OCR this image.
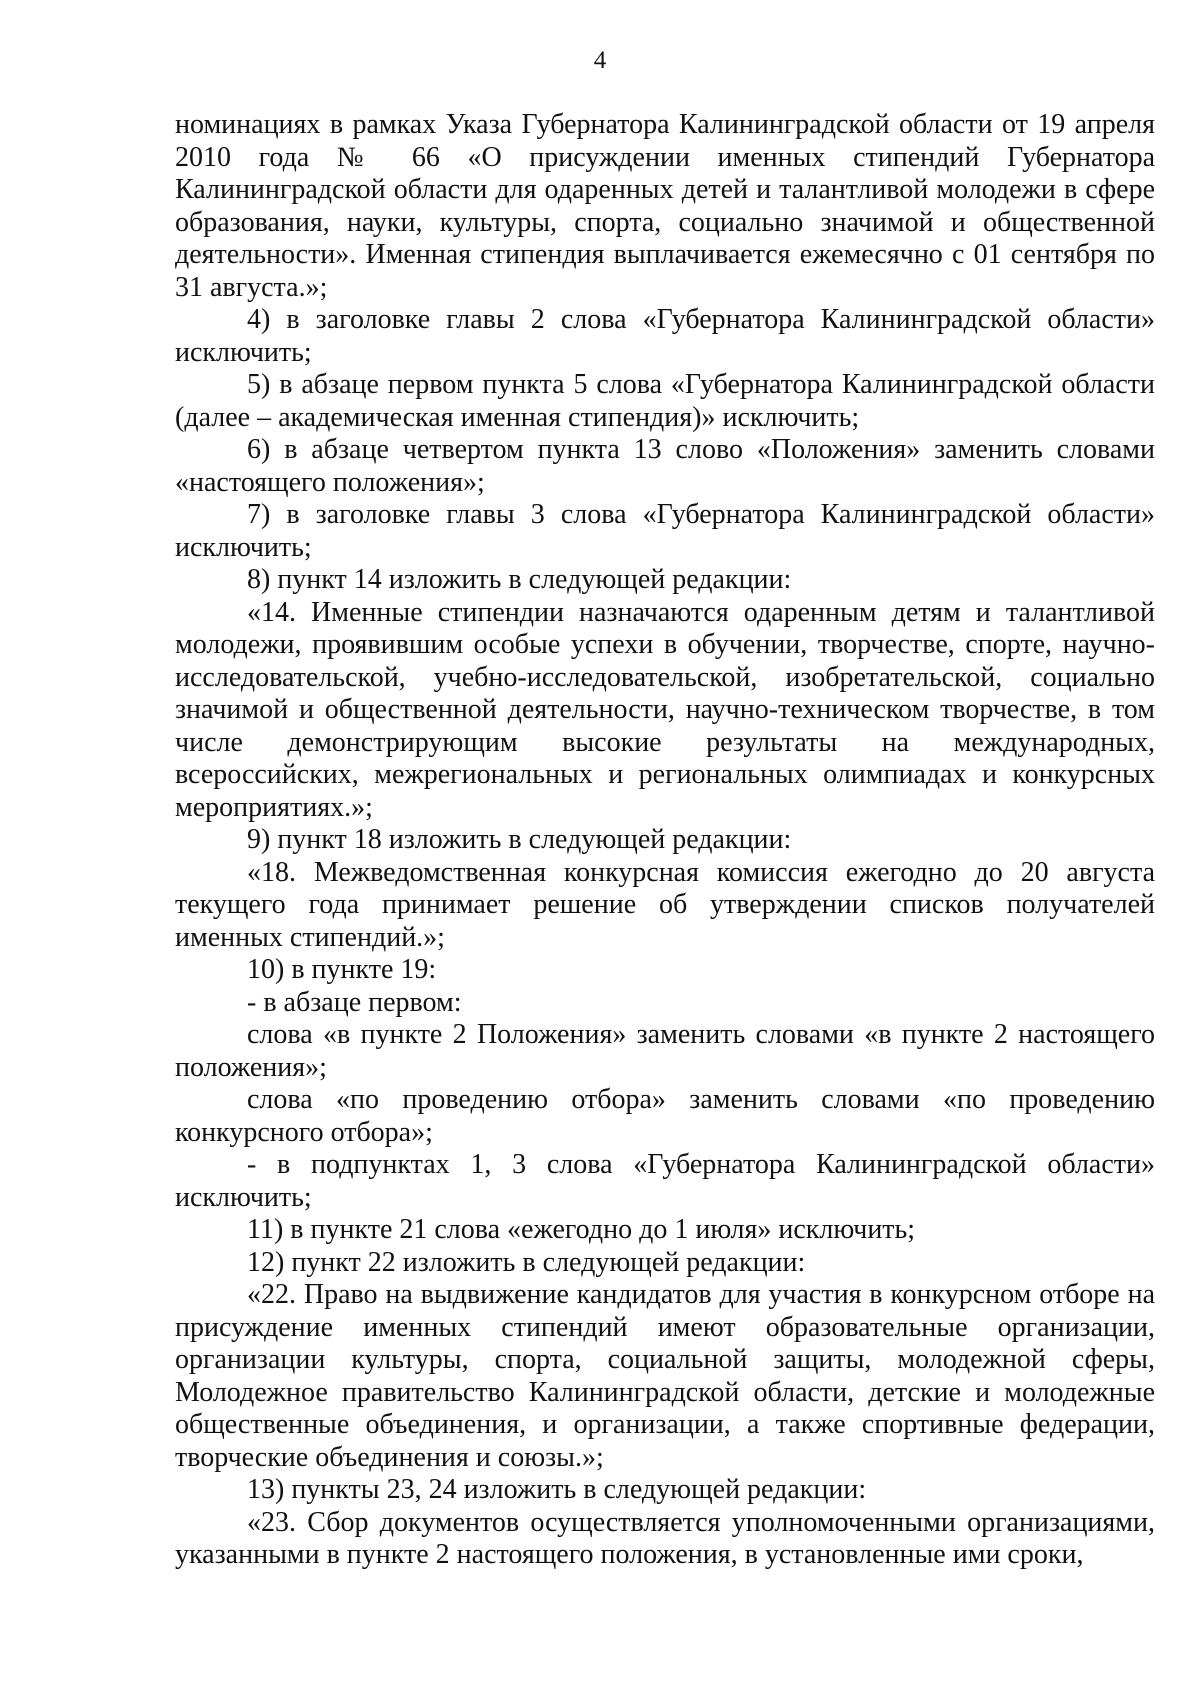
4

номинациях в рамках Указа Губернатора Калининградской области от 19 апреля 2010 года № 66 «О присуждении именных стипендий Губернатора Калининградской области для одаренных детей и талантливой молодежи в сфере образования, науки, культуры, спорта, социально значимой и общественной деятельности». Именная стипендия выплачивается ежемесячно с 01 сентября по 31 августа.»;

4) в заголовке главы 2 слова «Губернатора Калининградской области» исключить;

5) в абзаце первом пункта 5 слова «Губернатора Калининградской области (далее – академическая именная стипендия)» исключить;

6) в абзаце четвертом пункта 13 слово «Положения» заменить словами «настоящего положения»;

7) в заголовке главы 3 слова «Губернатора Калининградской области» исключить;

8) пункт 14 изложить в следующей редакции:

«14. Именные стипендии назначаются одаренным детям и талантливой молодежи, проявившим особые успехи в обучении, творчестве, спорте, научно-исследовательской, учебно-исследовательской, изобретательской, социально значимой и общественной деятельности, научно-техническом творчестве, в том числе демонстрирующим высокие результаты на международных, всероссийских, межрегиональных и региональных олимпиадах и конкурсных мероприятиях.»;

9) пункт 18 изложить в следующей редакции:

«18. Межведомственная конкурсная комиссия ежегодно до 20 августа текущего года принимает решение об утверждении списков получателей именных стипендий.»;

10) в пункте 19:

- в абзаце первом:

слова «в пункте 2 Положения» заменить словами «в пункте 2 настоящего положения»;

слова «по проведению отбора» заменить словами «по проведению конкурсного отбора»;

- в подпунктах 1, 3 слова «Губернатора Калининградской области» исключить;

11) в пункте 21 слова «ежегодно до 1 июля» исключить;

12) пункт 22 изложить в следующей редакции:

«22. Право на выдвижение кандидатов для участия в конкурсном отборе на присуждение именных стипендий имеют образовательные организации, организации культуры, спорта, социальной защиты, молодежной сферы, Молодежное правительство Калининградской области, детские и молодежные общественные объединения, и организации, а также спортивные федерации, творческие объединения и союзы.»;

13) пункты 23, 24 изложить в следующей редакции:

«23. Сбор документов осуществляется уполномоченными организациями, указанными в пункте 2 настоящего положения, в установленные ими сроки,
